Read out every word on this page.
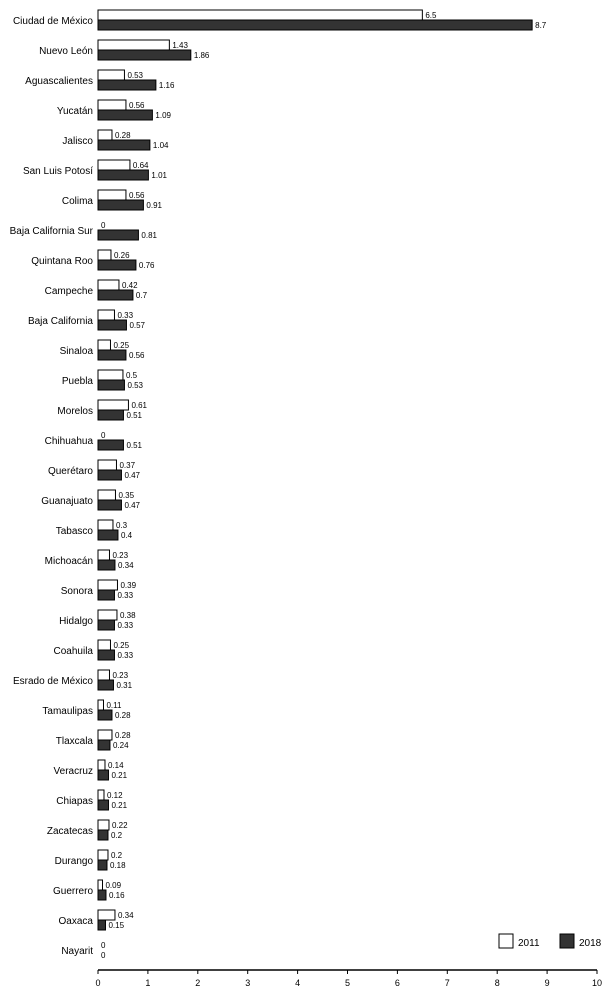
Ciudad de México
6.5
8.7
Nuevo León
1.43
1.86
Aguascalientes
0.53
1.16
Yucatán
0.56
1.09
Jalisco
0.28
1.04
San Luis Potosí
0.64
1.01
Colima
0.56
0.91
Baja California Sur
0
0.81
Quintana Roo
0.26
0.76
Campeche
0.42
0.7
Baja California
0.33
0.57
Sinaloa
0.25
0.56
Puebla
0.5
0.53
Morelos
0.61
0.51
Chihuahua
0
0.51
Querétaro
0.37
0.47
Guanajuato
0.35
0.47
Tabasco
0.3
0.4
Michoacán
0.23
0.34
Sonora
0.39
0.33
Hidalgo
0.38
0.33
Coahuila
0.25
0.33
Esrado de México
0.23
0.31
Tamaulipas
0.11
0.28
Tlaxcala
0.28
0.24
Veracruz
0.14
0.21
Chiapas
0.12
0.21
Zacatecas
0.22
0.2
Durango
0.2
0.18
Guerrero
0.09
0.16
Oaxaca
0.34
0.15
Nayarit
0
0
0	1	2	3	4	5	6	7	8	9	10
2011	2018
